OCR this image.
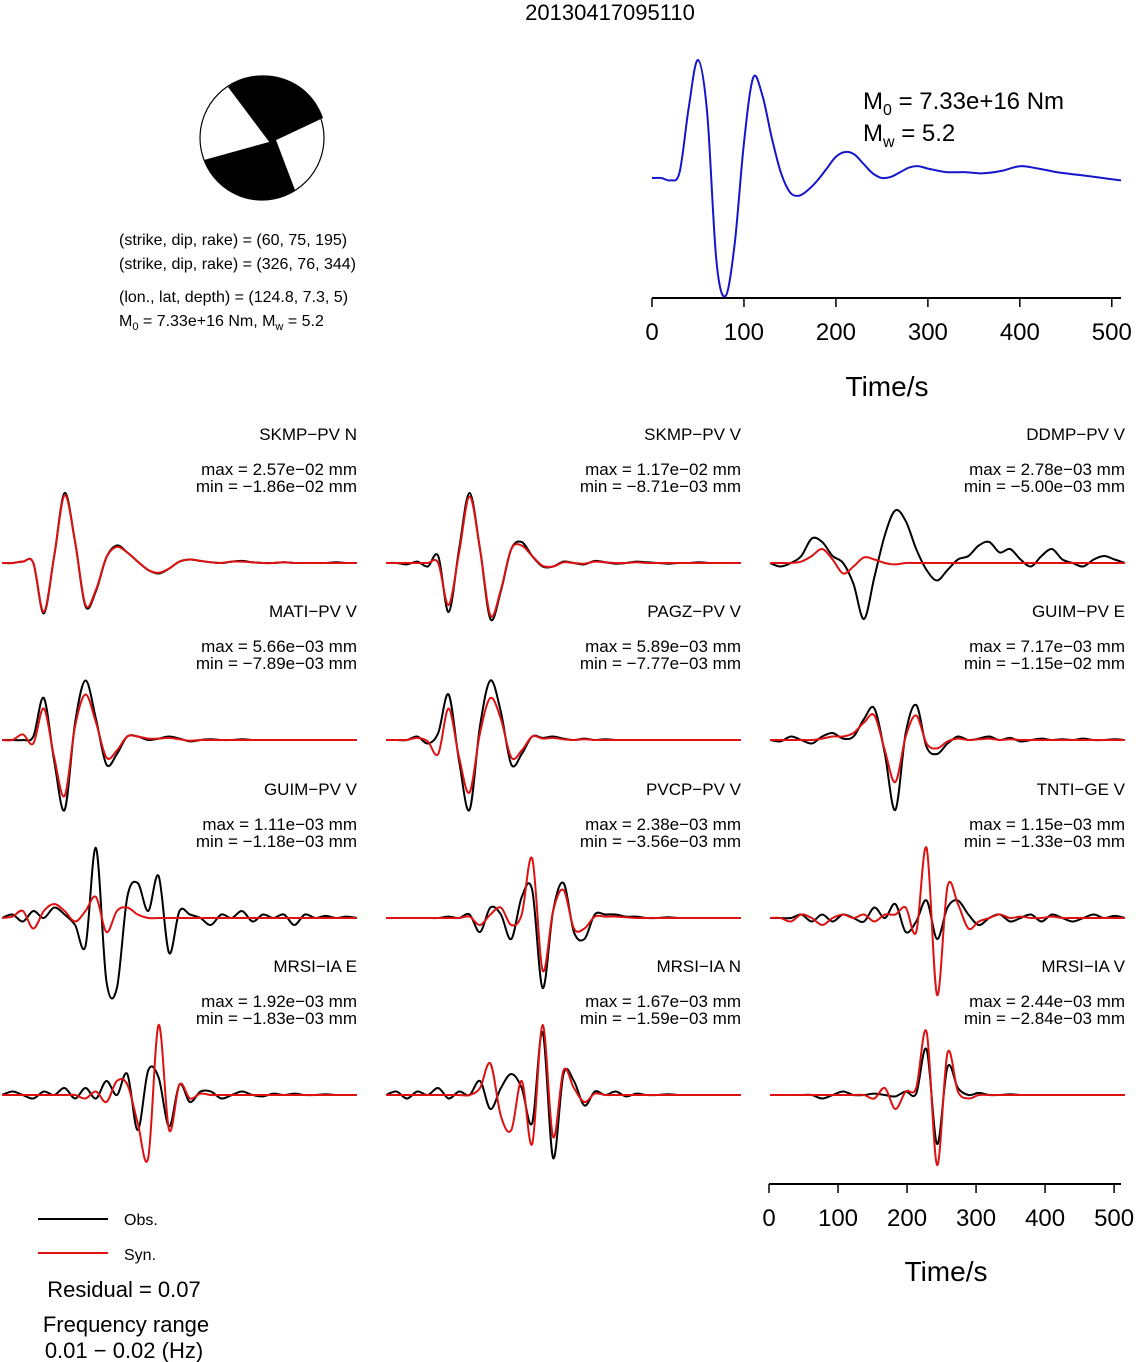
20130417095110
(strike, dip, rake) = (60, 75, 195)
(strike, dip, rake) = (326, 76, 344)
(lon., lat, depth) = (124.8, 7.3, 5)
$M_0 = 7.33e+16$ Nm, $M_w = 5.2$	0	100 200 300 400 500
Time/s
$M_0 = 7.33e+16$ Nm
$M_w = 5.2$
SKMP−PV N
max = 2.57e−02 mm
min = −1.86e−02 mm
SKMP−PV V
max = 1.17e−02 mm
min = −8.71e−03 mm
DDMP−PV V
max = 2.78e−03 mm
min = −5.00e−03 mm
MATI−PV V
max = 5.66e−03 mm
min = −7.89e−03 mm
PAGZ−PV V
max = 5.89e−03 mm
min = −7.77e−03 mm
GUIM−PV E
max = 7.17e−03 mm
min = −1.15e−02 mm
GUIM−PV V
max = 1.11e−03 mm
min = −1.18e−03 mm
PVCP−PV V
max = 2.38e−03 mm
min = −3.56e−03 mm
TNTI−GE V
max = 1.15e−03 mm
min = −1.33e−03 mm
MRSI−IA E
max = 1.92e−03 mm
min = −1.83e−03 mm
MRSI−IA N
max = 1.67e−03 mm
min = −1.59e−03 mm
MRSI−IA V
max = 2.44e−03 mm
min = −2.84e−03 mm
0 100 200 300 400 500
Time/s
Obs.
Syn.
Residual = 0.07
Frequency range
0.01 − 0.02 (Hz)
